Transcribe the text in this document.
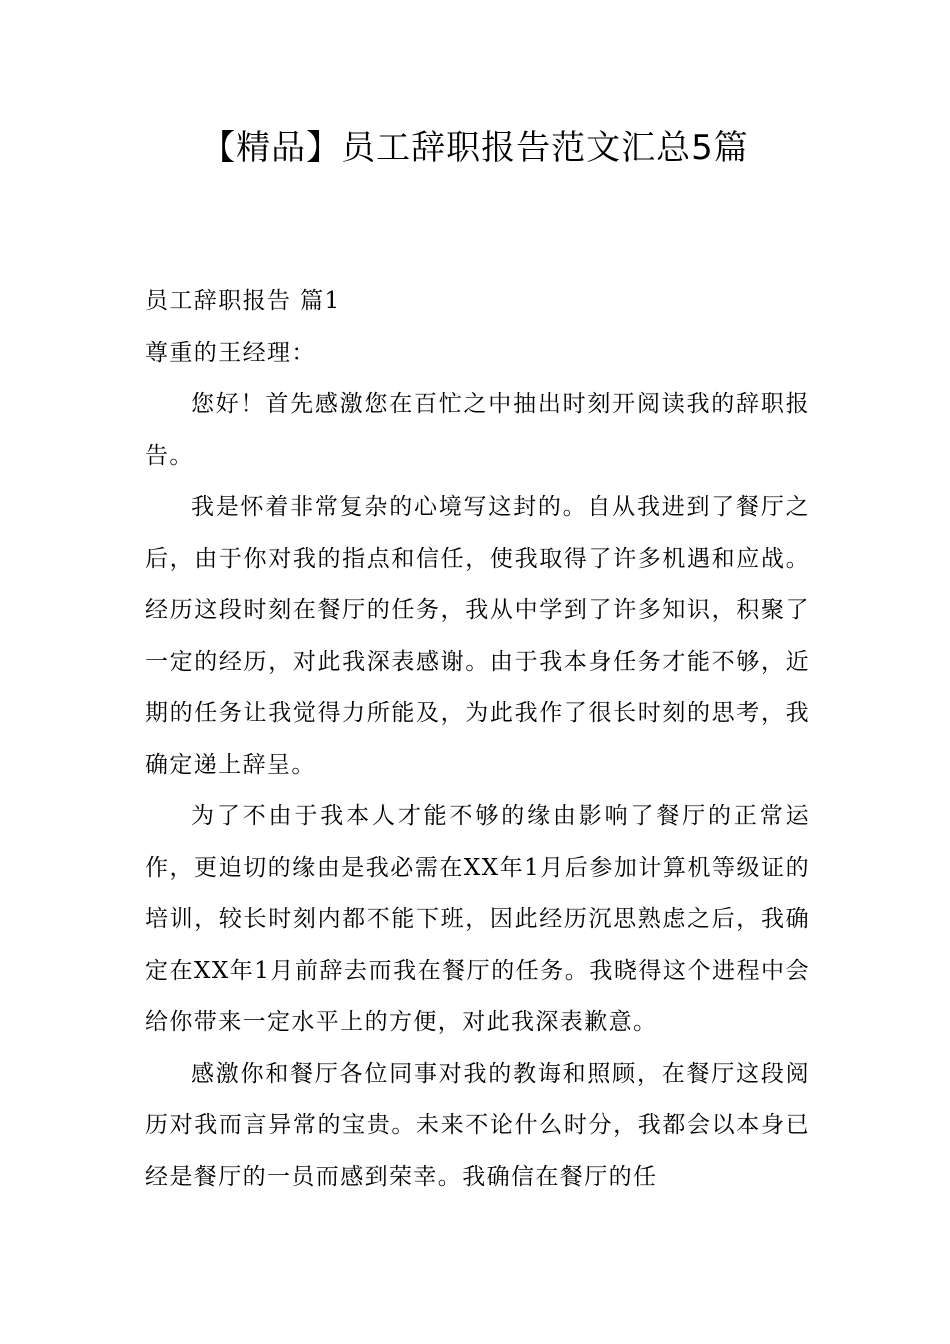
【精品】员工辞职报告范文汇总5篇

员工辞职报告 篇1

尊重的王经理：

您好！首先感激您在百忙之中抽出时刻开阅读我的辞职报告。

我是怀着非常复杂的心境写这封的。自从我进到了餐厅之后，由于你对我的指点和信任，使我取得了许多机遇和应战。经历这段时刻在餐厅的任务，我从中学到了许多知识，积聚了一定的经历，对此我深表感谢。由于我本身任务才能不够，近期的任务让我觉得力所能及，为此我作了很长时刻的思考，我确定递上辞呈。

为了不由于我本人才能不够的缘由影响了餐厅的正常运作，更迫切的缘由是我必需在XX年1月后参加计算机等级证的培训，较长时刻内都不能下班，因此经历沉思熟虑之后，我确定在XX年1月前辞去而我在餐厅的任务。我晓得这个进程中会给你带来一定水平上的方便，对此我深表歉意。

感激你和餐厅各位同事对我的教诲和照顾，在餐厅这段阅历对我而言异常的宝贵。未来不论什么时分，我都会以本身已经是餐厅的一员而感到荣幸。我确信在餐厅的任
